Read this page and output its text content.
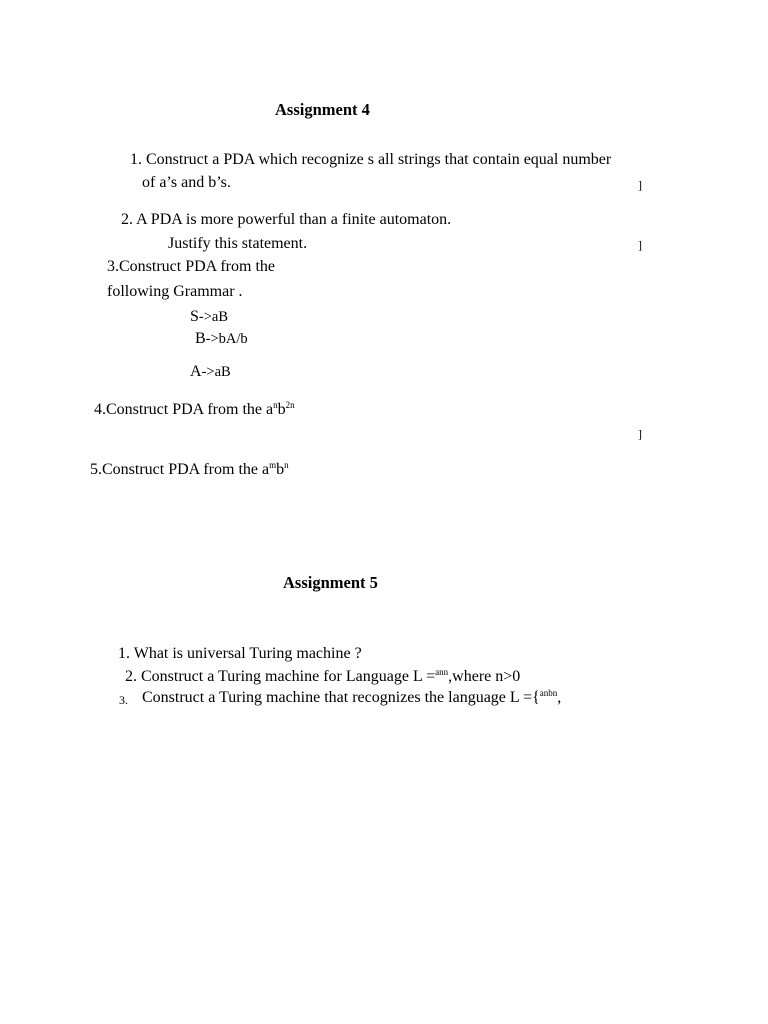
Assignment 4
1. Construct a PDA which recognize s all strings that contain equal number
of a’s and b’s.	]
2. A PDA is more powerful than a finite automaton.
Justify this statement.	]
3.Construct PDA from the
following Grammar .
S->aB
B->bA/b
A->aB
4.Construct PDA from the $a^nb^{2n}$
]
5.Construct PDA from the $a^mb^n$
Assignment 5
1. What is universal Turing machine ?
2. Construct a Turing machine for Language L =$^{ann}$,where n>0
3. Construct a Turing machine that recognizes the language L ={$^{anbn}$,
